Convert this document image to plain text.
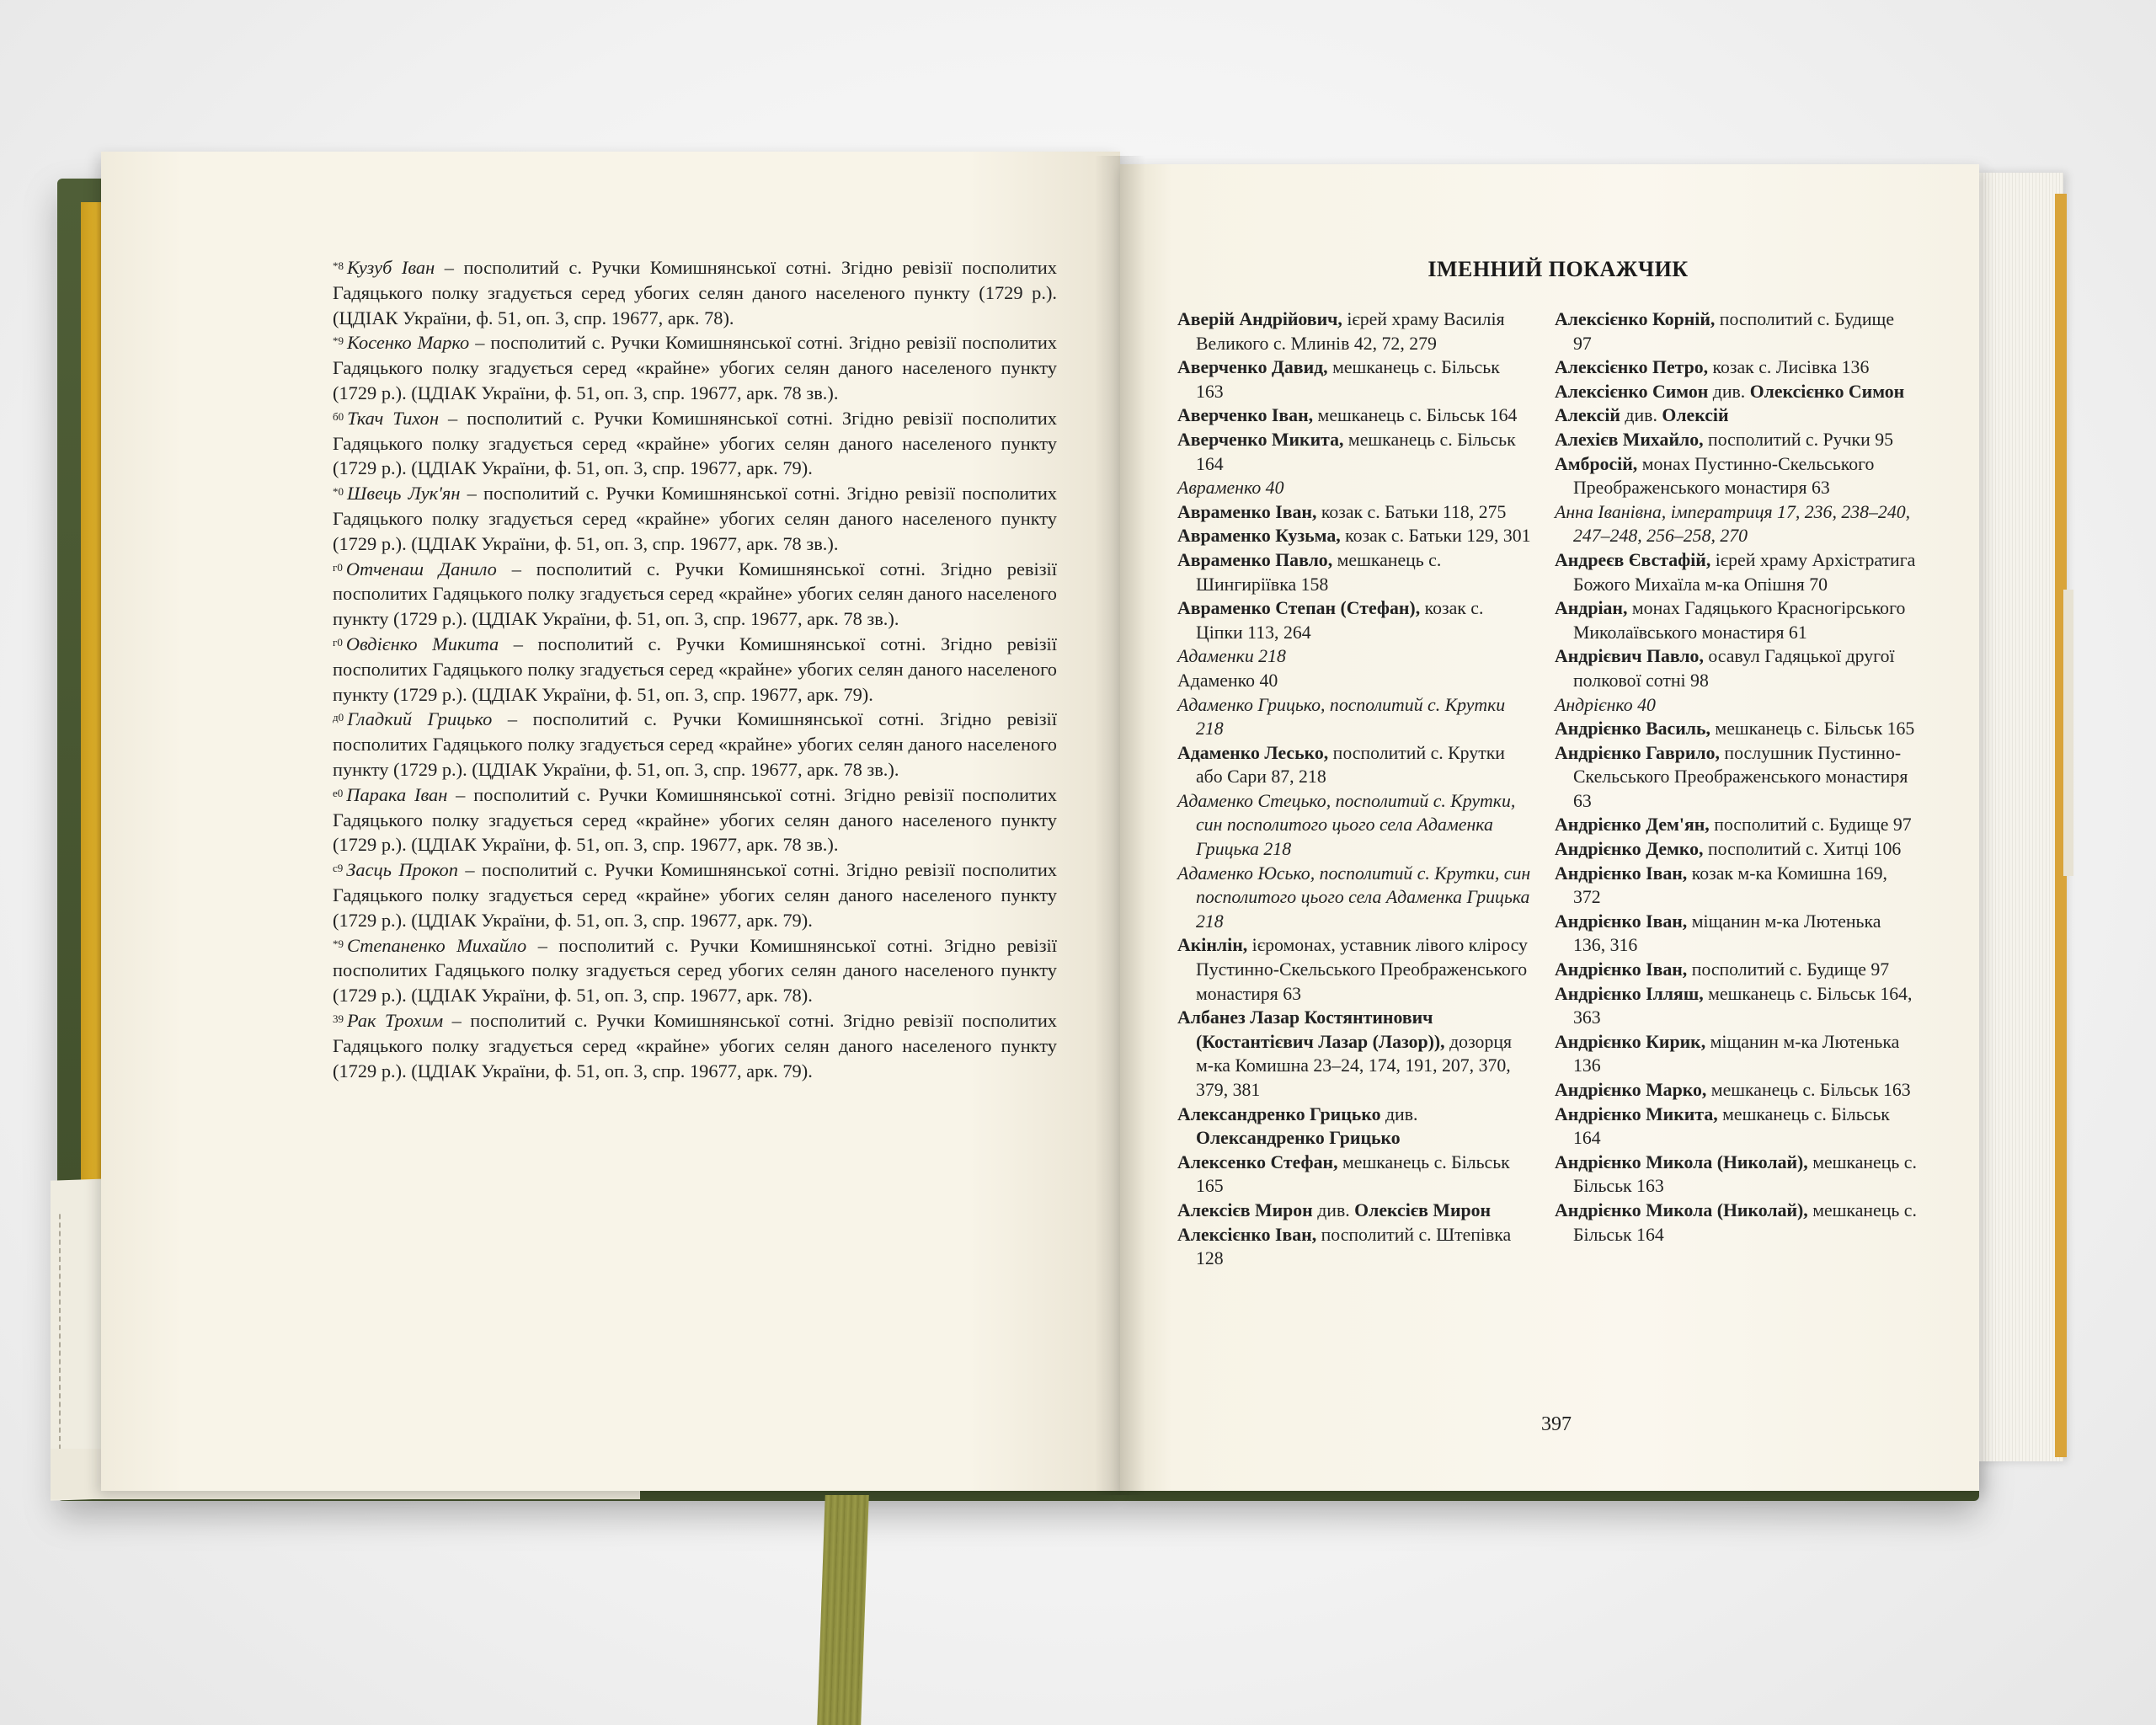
$^{*8}$ Кузуб Іван – посполитий с. Ручки Комишнянської сотні. Згідно ревізії посполитих Гадяцького полку згадується серед убогих селян даного населеного пункту (1729 р.). (ЦДІАК України, ф. 51, оп. 3, спр. 19677, арк. 78).

$^{*9}$ Косенко Марко – посполитий с. Ручки Комишнянської сотні. Згідно ревізії посполитих Гадяцького полку згадується серед «крайне» убогих селян даного населеного пункту (1729 р.). (ЦДІАК України, ф. 51, оп. 3, спр. 19677, арк. 78 зв.).

$^{б0}$ Ткач Тихон – посполитий с. Ручки Комишнянської сотні. Згідно ревізії посполитих Гадяцького полку згадується серед «крайне» убогих селян даного населеного пункту (1729 р.). (ЦДІАК України, ф. 51, оп. 3, спр. 19677, арк. 79).

$^{*0}$ Швець Лук'ян – посполитий с. Ручки Комишнянської сотні. Згідно ревізії посполитих Гадяцького полку згадується серед «крайне» убогих селян даного населеного пункту (1729 р.). (ЦДІАК України, ф. 51, оп. 3, спр. 19677, арк. 78 зв.).

$^{г0}$ Отченаш Данило – посполитий с. Ручки Комишнянської сотні. Згідно ревізії посполитих Гадяцького полку згадується серед «крайне» убогих селян даного населеного пункту (1729 р.). (ЦДІАК України, ф. 51, оп. 3, спр. 19677, арк. 78 зв.).

$^{г0}$ Овдієнко Микита – посполитий с. Ручки Комишнянської сотні. Згідно ревізії посполитих Гадяцького полку згадується серед «крайне» убогих селян даного населеного пункту (1729 р.). (ЦДІАК України, ф. 51, оп. 3, спр. 19677, арк. 79).

$^{д0}$ Гладкий Грицько – посполитий с. Ручки Комишнянської сотні. Згідно ревізії посполитих Гадяцького полку згадується серед «крайне» убогих селян даного населеного пункту (1729 р.). (ЦДІАК України, ф. 51, оп. 3, спр. 19677, арк. 78 зв.).

$^{е0}$ Парака Іван – посполитий с. Ручки Комишнянської сотні. Згідно ревізії посполитих Гадяцького полку згадується серед «крайне» убогих селян даного населеного пункту (1729 р.). (ЦДІАК України, ф. 51, оп. 3, спр. 19677, арк. 78 зв.).

$^{с9}$ Засць Прокоп – посполитий с. Ручки Комишнянської сотні. Згідно ревізії посполитих Гадяцького полку згадується серед «крайне» убогих селян даного населеного пункту (1729 р.). (ЦДІАК України, ф. 51, оп. 3, спр. 19677, арк. 79).

$^{*9}$ Степаненко Михайло – посполитий с. Ручки Комишнянської сотні. Згідно ревізії посполитих Гадяцького полку згадується серед убогих селян даного населеного пункту (1729 р.). (ЦДІАК України, ф. 51, оп. 3, спр. 19677, арк. 78).

$^{39}$ Рак Трохим – посполитий с. Ручки Комишнянської сотні. Згідно ревізії посполитих Гадяцького полку згадується серед «крайне» убогих селян даного населеного пункту (1729 р.). (ЦДІАК України, ф. 51, оп. 3, спр. 19677, арк. 79).

ІМЕННИЙ ПОКАЖЧИК

Аверій Андрійович, ієрей храму Василія Великого с. Млинів 42, 72, 279

Аверченко Давид, мешканець с. Більськ 163

Аверченко Іван, мешканець с. Більськ 164

Аверченко Микита, мешканець с. Більськ 164

Авраменко 40

Авраменко Іван, козак с. Батьки 118, 275

Авраменко Кузьма, козак с. Батьки 129, 301

Авраменко Павло, мешканець с. Шингиріївка 158

Авраменко Степан (Стефан), козак с. Ціпки 113, 264

Адаменки 218

Адаменко 40

Адаменко Грицько, посполитий с. Крутки 218

Адаменко Лесько, посполитий с. Крутки або Сари 87, 218

Адаменко Стецько, посполитий с. Крутки, син посполитого цього села Адаменка Грицька 218

Адаменко Юсько, посполитий с. Крутки, син посполитого цього села Адаменка Грицька 218

Акінлін, ієромонах, уставник лівого кліросу Пустинно-Скельського Преображенського монастиря 63

Албанез Лазар Костянтинович (Костантієвич Лазар (Лазор)), дозорця м-ка Комишна 23–24, 174, 191, 207, 370, 379, 381

Александренко Грицько див. Олександренко Грицько

Алексенко Стефан, мешканець с. Більськ 165

Алексієв Мирон див. Олексієв Мирон

Алексієнко Іван, посполитий с. Штепівка 128

Алексієнко Корній, посполитий с. Будище 97

Алексієнко Петро, козак с. Лисівка 136

Алексієнко Симон див. Олексієнко Симон

Алексій див. Олексій

Алехієв Михайло, посполитий с. Ручки 95

Амбросій, монах Пустинно-Скельського Преображенського монастиря 63

Анна Іванівна, імператриця 17, 236, 238–240, 247–248, 256–258, 270

Андреєв Євстафій, ієрей храму Архістратига Божого Михаїла м-ка Опішня 70

Андріан, монах Гадяцького Красногірського Миколаївського монастиря 61

Андрієвич Павло, осавул Гадяцької другої полкової сотні 98

Андрієнко 40

Андрієнко Василь, мешканець с. Більськ 165

Андрієнко Гаврило, послушник Пустинно-Скельського Преображенського монастиря 63

Андрієнко Дем'ян, посполитий с. Будище 97

Андрієнко Демко, посполитий с. Хитці 106

Андрієнко Іван, козак м-ка Комишна 169, 372

Андрієнко Іван, міщанин м-ка Лютенька 136, 316

Андрієнко Іван, посполитий с. Будище 97

Андрієнко Ілляш, мешканець с. Більськ 164, 363

Андрієнко Кирик, міщанин м-ка Лютенька 136

Андрієнко Марко, мешканець с. Більськ 163

Андрієнко Микита, мешканець с. Більськ 164

Андрієнко Микола (Николай), мешканець с. Більськ 163

Андрієнко Микола (Николай), мешканець с. Більськ 164

397
